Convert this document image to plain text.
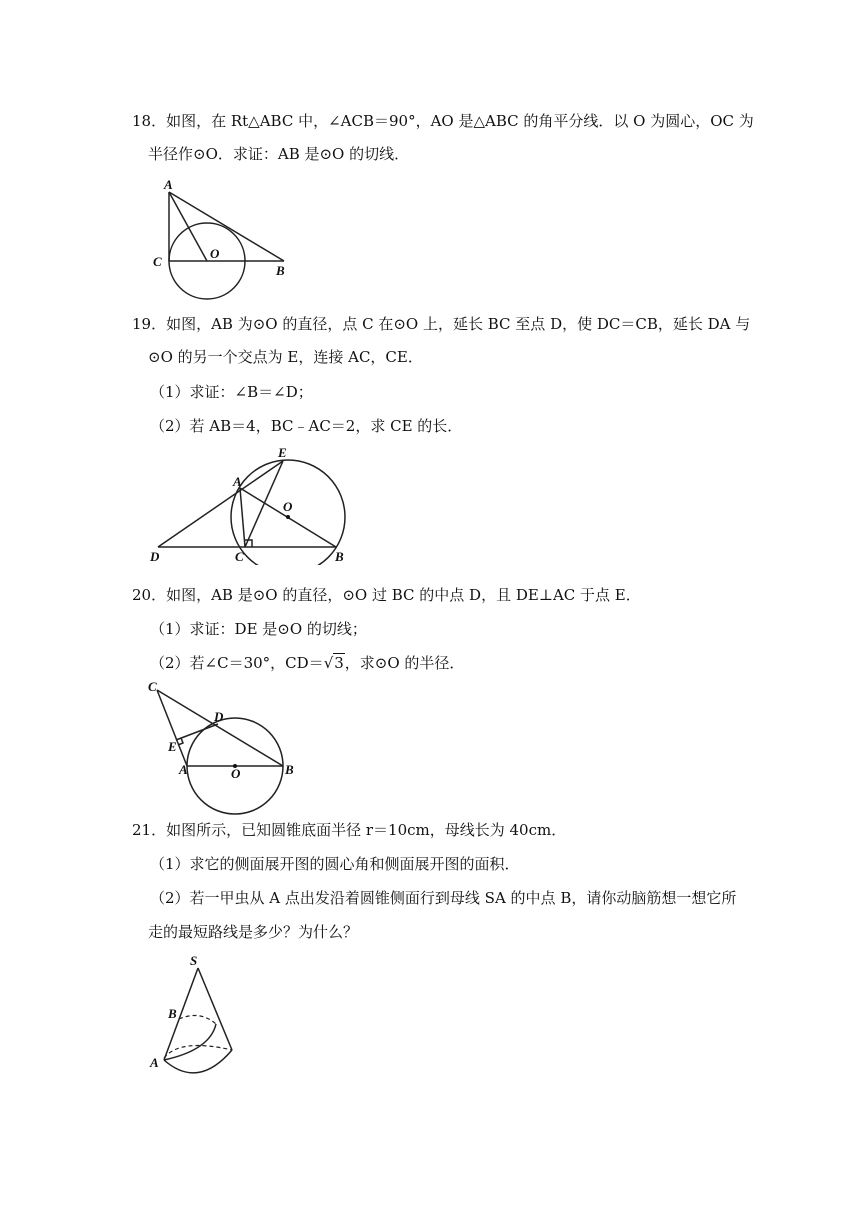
18．如图，在 Rt△ABC 中，∠ACB＝90°，AO 是△ABC 的角平分线．以 O 为圆心，OC 为
半径作⊙O．求证：AB 是⊙O 的切线．
A
C
O
B
19．如图，AB 为⊙O 的直径，点 C 在⊙O 上，延长 BC 至点 D，使 DC＝CB，延长 DA 与
⊙O 的另一个交点为 E，连接 AC，CE．
（1）求证：∠B＝∠D；
（2）若 AB＝4，BC﹣AC＝2，求 CE 的长．
E
A
O
D	C	B
20．如图，AB 是⊙O 的直径，⊙O 过 BC 的中点 D，且 DE⊥AC 于点 E．
（1）求证：DE 是⊙O 的切线；
（2）若∠C＝30°，CD＝√3，求⊙O 的半径．
C
D
E
A	O	B
21．如图所示，已知圆锥底面半径 r＝10cm，母线长为 40cm．
（1）求它的侧面展开图的圆心角和侧面展开图的面积．
（2）若一甲虫从 A 点出发沿着圆锥侧面行到母线 SA 的中点 B，请你动脑筋想一想它所
走的最短路线是多少？为什么？
S
B
A
